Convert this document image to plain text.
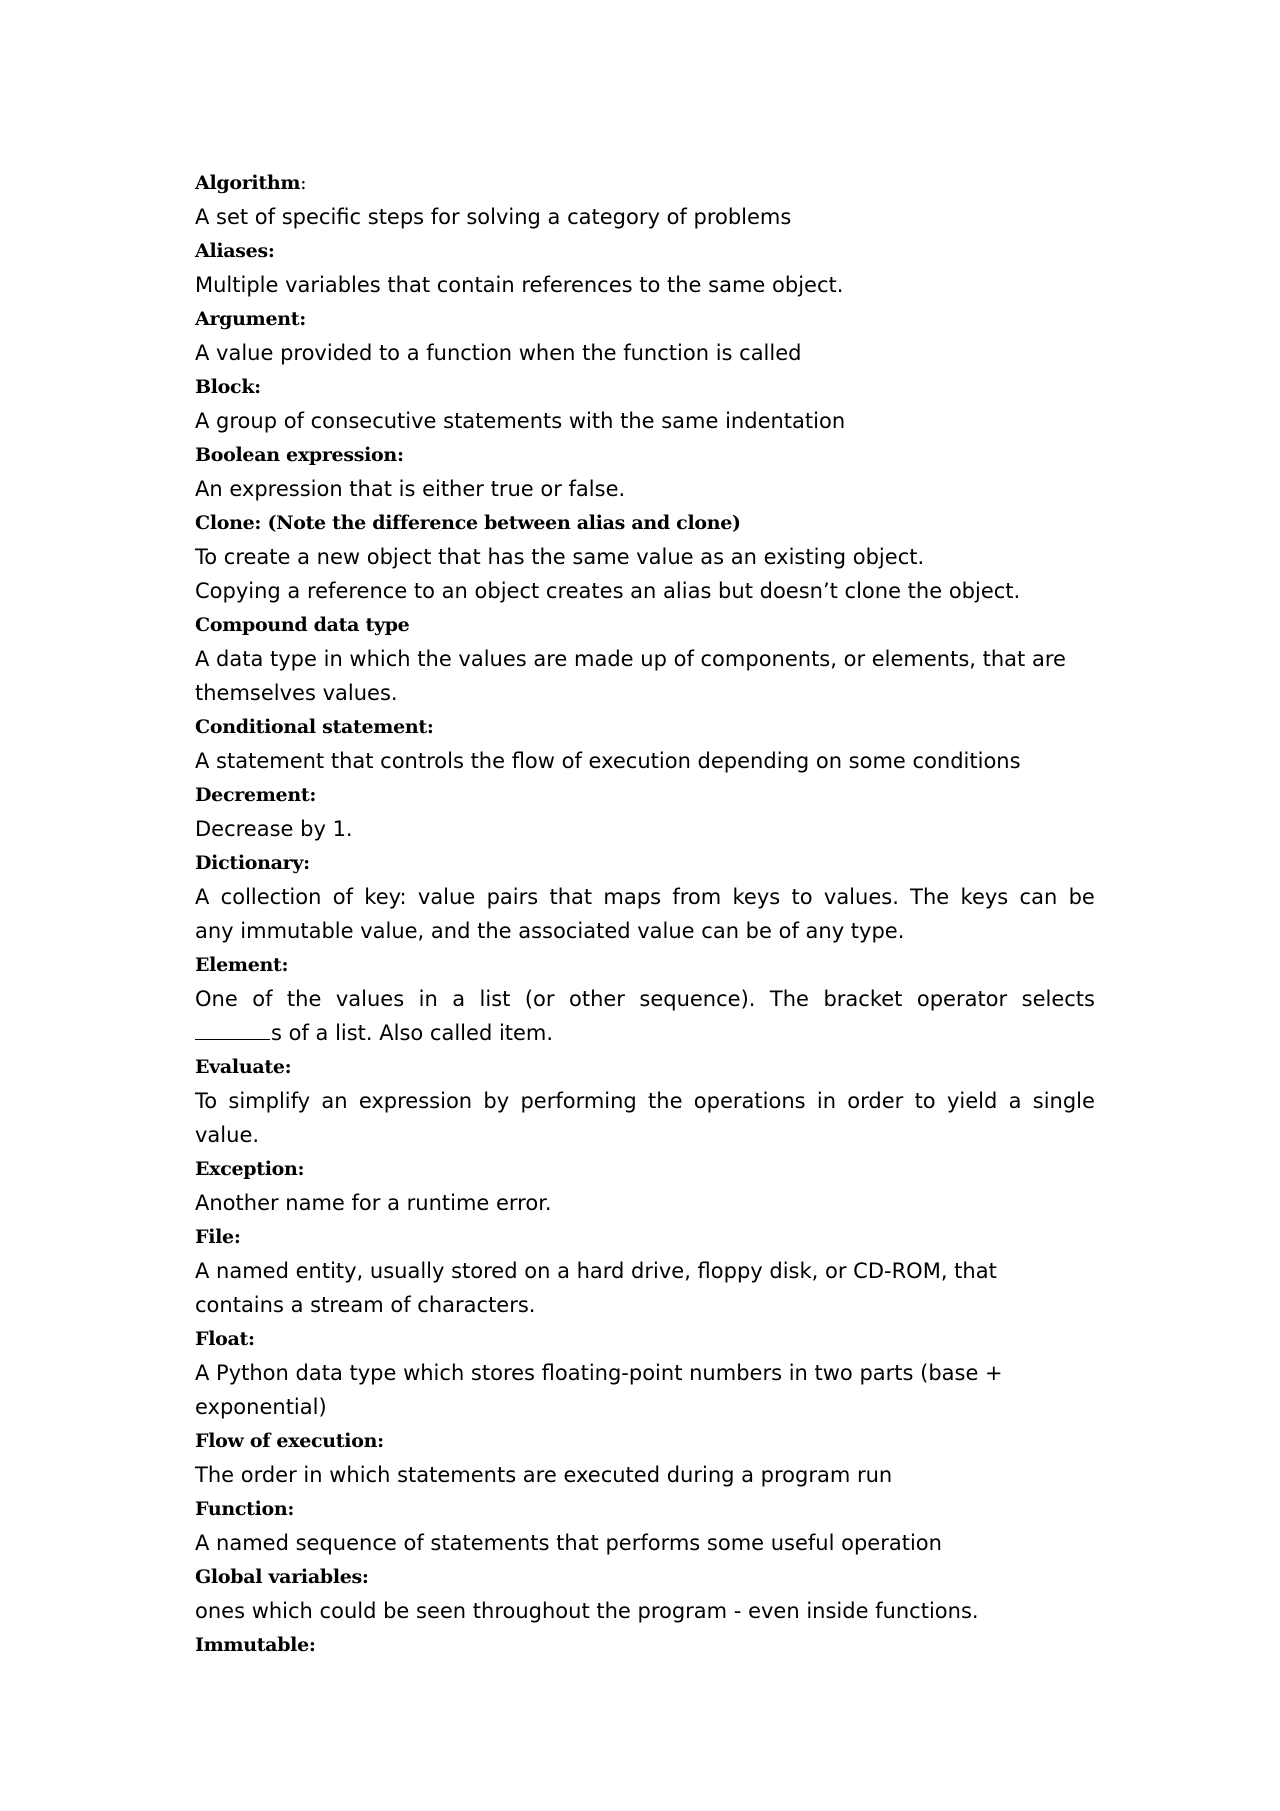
Algorithm:
A set of specific steps for solving a category of problems
Aliases:
Multiple variables that contain references to the same object.
Argument:
A value provided to a function when the function is called
Block:
A group of consecutive statements with the same indentation
Boolean expression:
An expression that is either true or false.
Clone: (Note the difference between alias and clone)
To create a new object that has the same value as an existing object.
Copying a reference to an object creates an alias but doesn’t clone the object.
Compound data type
A data type in which the values are made up of components, or elements, that are
themselves values.
Conditional statement:
A statement that controls the flow of execution depending on some conditions
Decrement:
Decrease by 1.
Dictionary:
A collection of key: value pairs that maps from keys to values. The keys can be
any immutable value, and the associated value can be of any type.
Element:
One of the values in a list (or other sequence). The bracket operator selects
s of a list. Also called item.
Evaluate:
To simplify an expression by performing the operations in order to yield a single
value.
Exception:
Another name for a runtime error.
File:
A named entity, usually stored on a hard drive, floppy disk, or CD-ROM, that
contains a stream of characters.
Float:
A Python data type which stores floating-point numbers in two parts (base +
exponential)
Flow of execution:
The order in which statements are executed during a program run
Function:
A named sequence of statements that performs some useful operation
Global variables:
ones which could be seen throughout the program - even inside functions.
Immutable:
